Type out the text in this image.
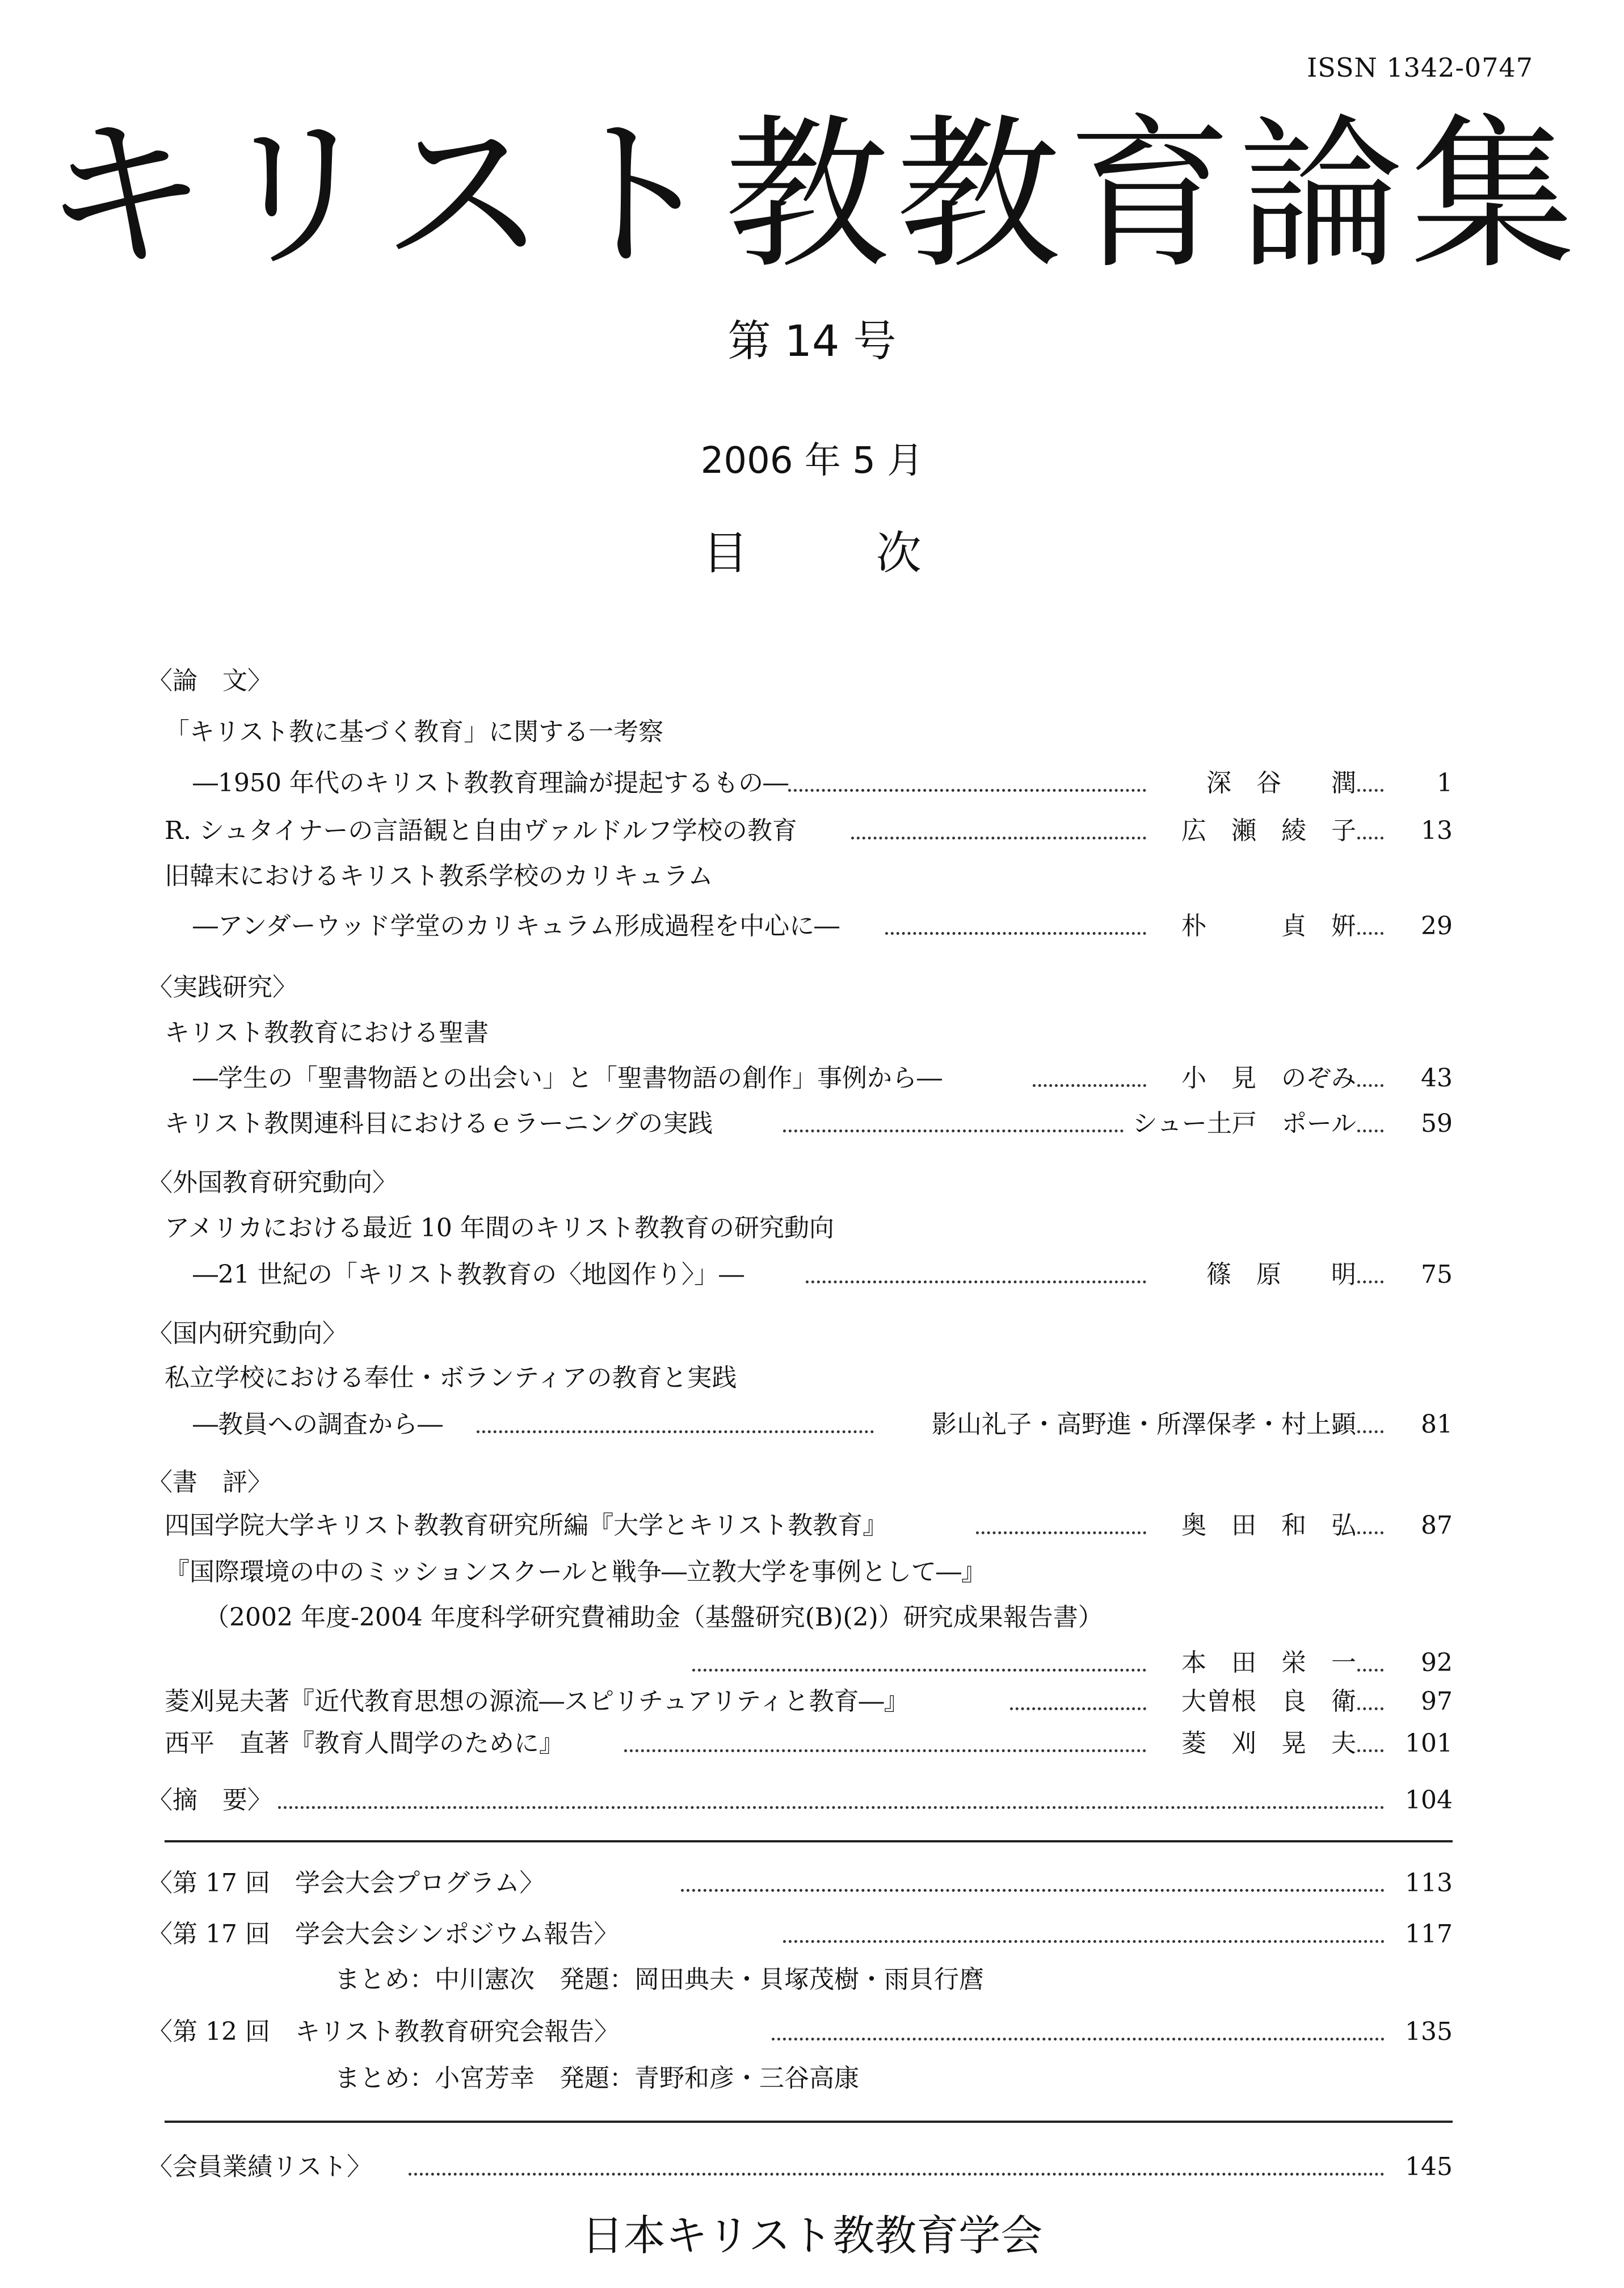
ISSN 1342-0747
キリスト教教育論集
第 14 号
2006 年 5 月
目 次
〈論　文〉
「キリスト教に基づく教育」に関する一考察
―1950 年代のキリスト教教育理論が提起するもの―	深　谷　　潤	1
R. シュタイナーの言語観と自由ヴァルドルフ学校の教育	広　瀬　綾　子	13
旧韓末におけるキリスト教系学校のカリキュラム
―アンダーウッド学堂のカリキュラム形成過程を中心に―	朴　　　貞　姸	29
〈実践研究〉
キリスト教教育における聖書
―学生の「聖書物語との出会い」と「聖書物語の創作」事例から―	小　見　のぞみ	43
キリスト教関連科目におけるｅラーニングの実践	シュー土戸　ポール	59
〈外国教育研究動向〉
アメリカにおける最近 10 年間のキリスト教教育の研究動向
―21 世紀の「キリスト教教育の〈地図作り〉」―	篠　原　　明	75
〈国内研究動向〉
私立学校における奉仕・ボランティアの教育と実践
―教員への調査から―	影山礼子・高野進・所澤保孝・村上顕	81
〈書　評〉
四国学院大学キリスト教教育研究所編『大学とキリスト教教育』	奥　田　和　弘	87
『国際環境の中のミッションスクールと戦争―立教大学を事例として―』
（2002 年度-2004 年度科学研究費補助金（基盤研究(B)(2)）研究成果報告書）
本　田　栄　一	92
菱刈晃夫著『近代教育思想の源流―スピリチュアリティと教育―』	大曽根　良　衛	97
西平　直著『教育人間学のために』	菱　刈　晃　夫	101
〈摘　要〉	104
〈第 17 回　学会大会プログラム〉	113
〈第 17 回　学会大会シンポジウム報告〉	117
まとめ：中川憲次　発題：岡田典夫・貝塚茂樹・雨貝行麿
〈第 12 回　キリスト教教育研究会報告〉	135
まとめ：小宮芳幸　発題：青野和彦・三谷高康
〈会員業績リスト〉	145
日本キリスト教教育学会
